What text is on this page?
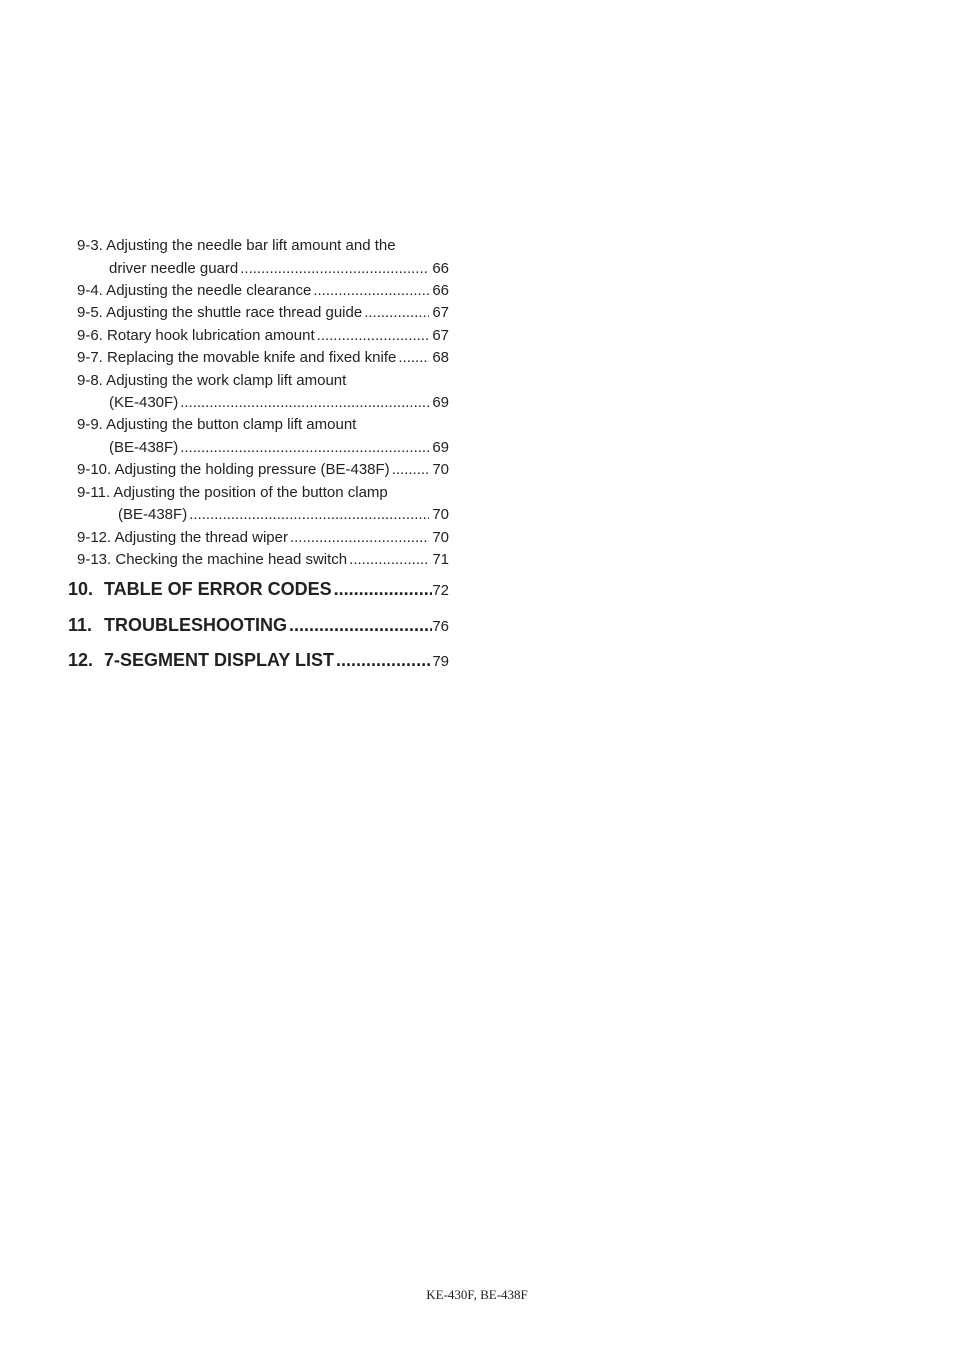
9-3. Adjusting the needle bar lift amount and the
driver needle guard .....	66
9-4. Adjusting the needle clearance .....	66
9-5. Adjusting the shuttle race thread guide .....	67
9-6. Rotary hook lubrication amount .....	67
9-7. Replacing the movable knife and fixed knife ..... 68
9-8. Adjusting the work clamp lift amount
(KE-430F) .....	69
9-9. Adjusting the button clamp lift amount
(BE-438F) .....	69
9-10. Adjusting the holding pressure (BE-438F) .....	70
9-11. Adjusting the position of the button clamp
(BE-438F) .....	70
9-12. Adjusting the thread wiper .....	70
9-13. Checking the machine head switch .....	71
10. TABLE OF ERROR CODES .....	72
11. TROUBLESHOOTING .....	76
12. 7-SEGMENT DISPLAY LIST .....	79
KE-430F, BE-438F
